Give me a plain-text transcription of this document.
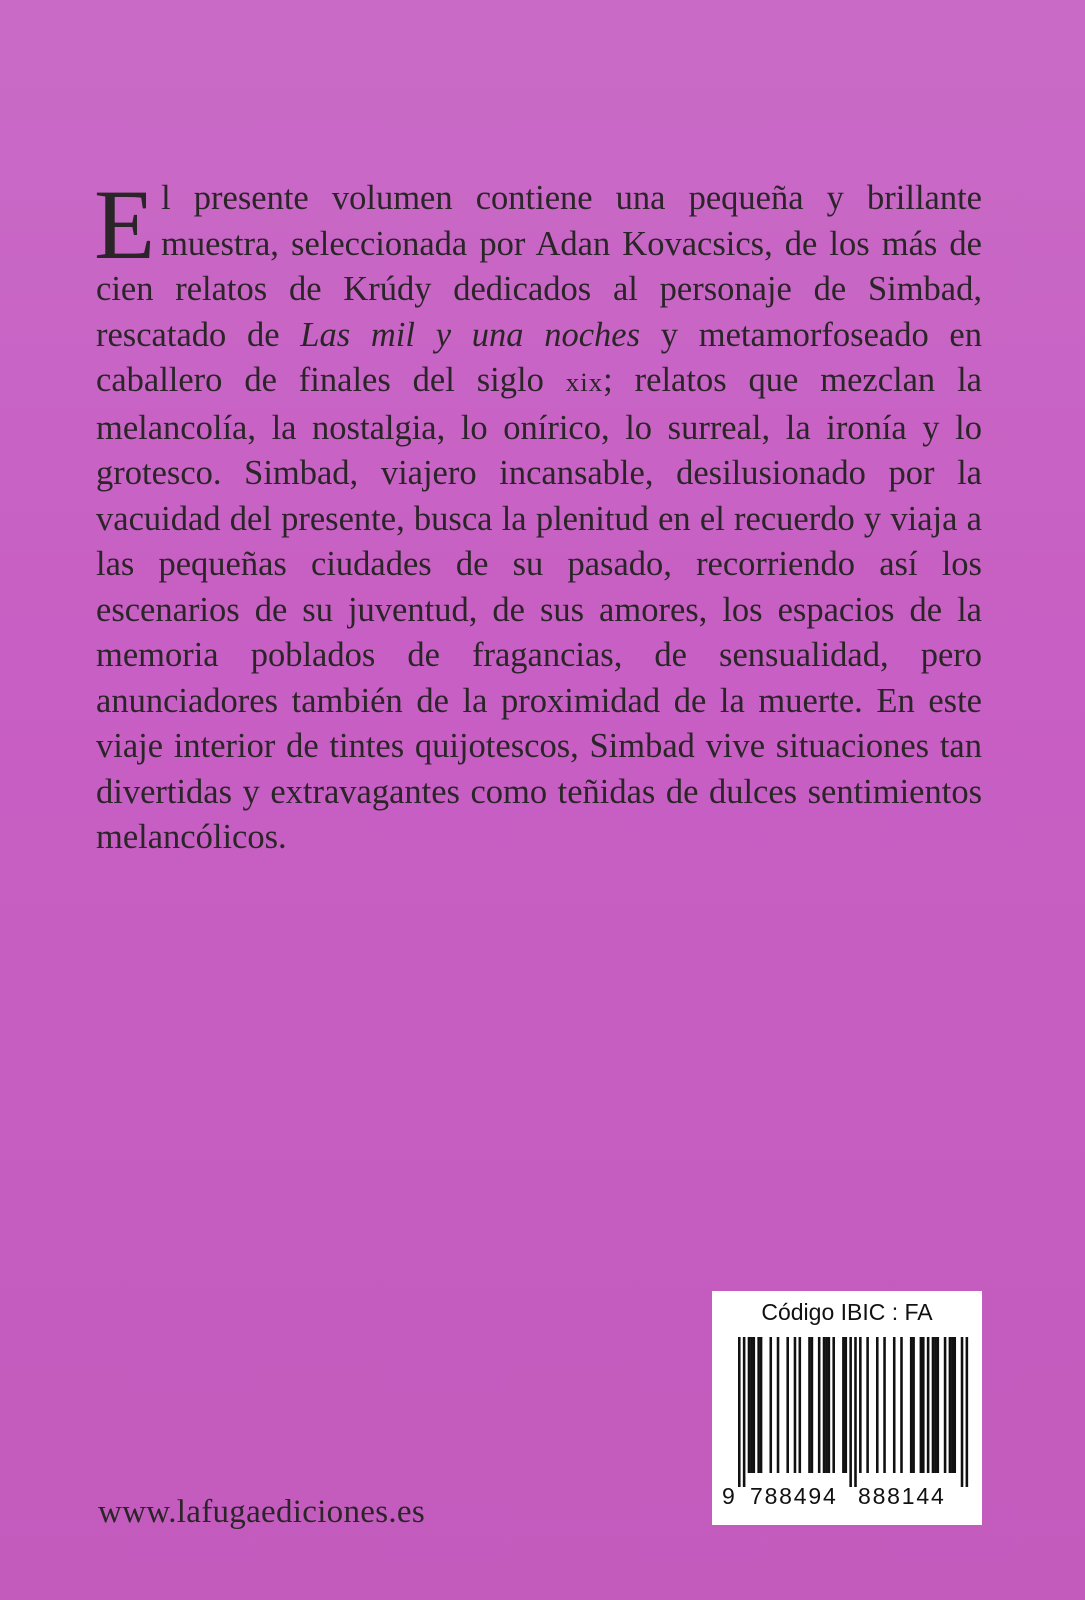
El presente volumen contiene una pequeña y brillante muestra, seleccionada por Adan Kovacsics, de los más de cien relatos de Krúdy dedicados al personaje de Simbad, rescatado de Las mil y una noches y metamorfoseado en caballero de finales del siglo xix; relatos que mezclan la melancolía, la nostalgia, lo onírico, lo surreal, la ironía y lo grotesco. Simbad, viajero incansable, desilusionado por la vacuidad del presente, busca la plenitud en el recuerdo y viaja a las pequeñas ciudades de su pasado, recorriendo así los escenarios de su juventud, de sus amores, los espacios de la memoria poblados de fragancias, de sensualidad, pero anunciadores también de la proximidad de la muerte. En este viaje interior de tintes quijotescos, Simbad vive situaciones tan divertidas y extravagantes como teñidas de dulces sentimientos melancólicos.

www.lafugaediciones.es
Código IBIC : FA
9 788494 888144
